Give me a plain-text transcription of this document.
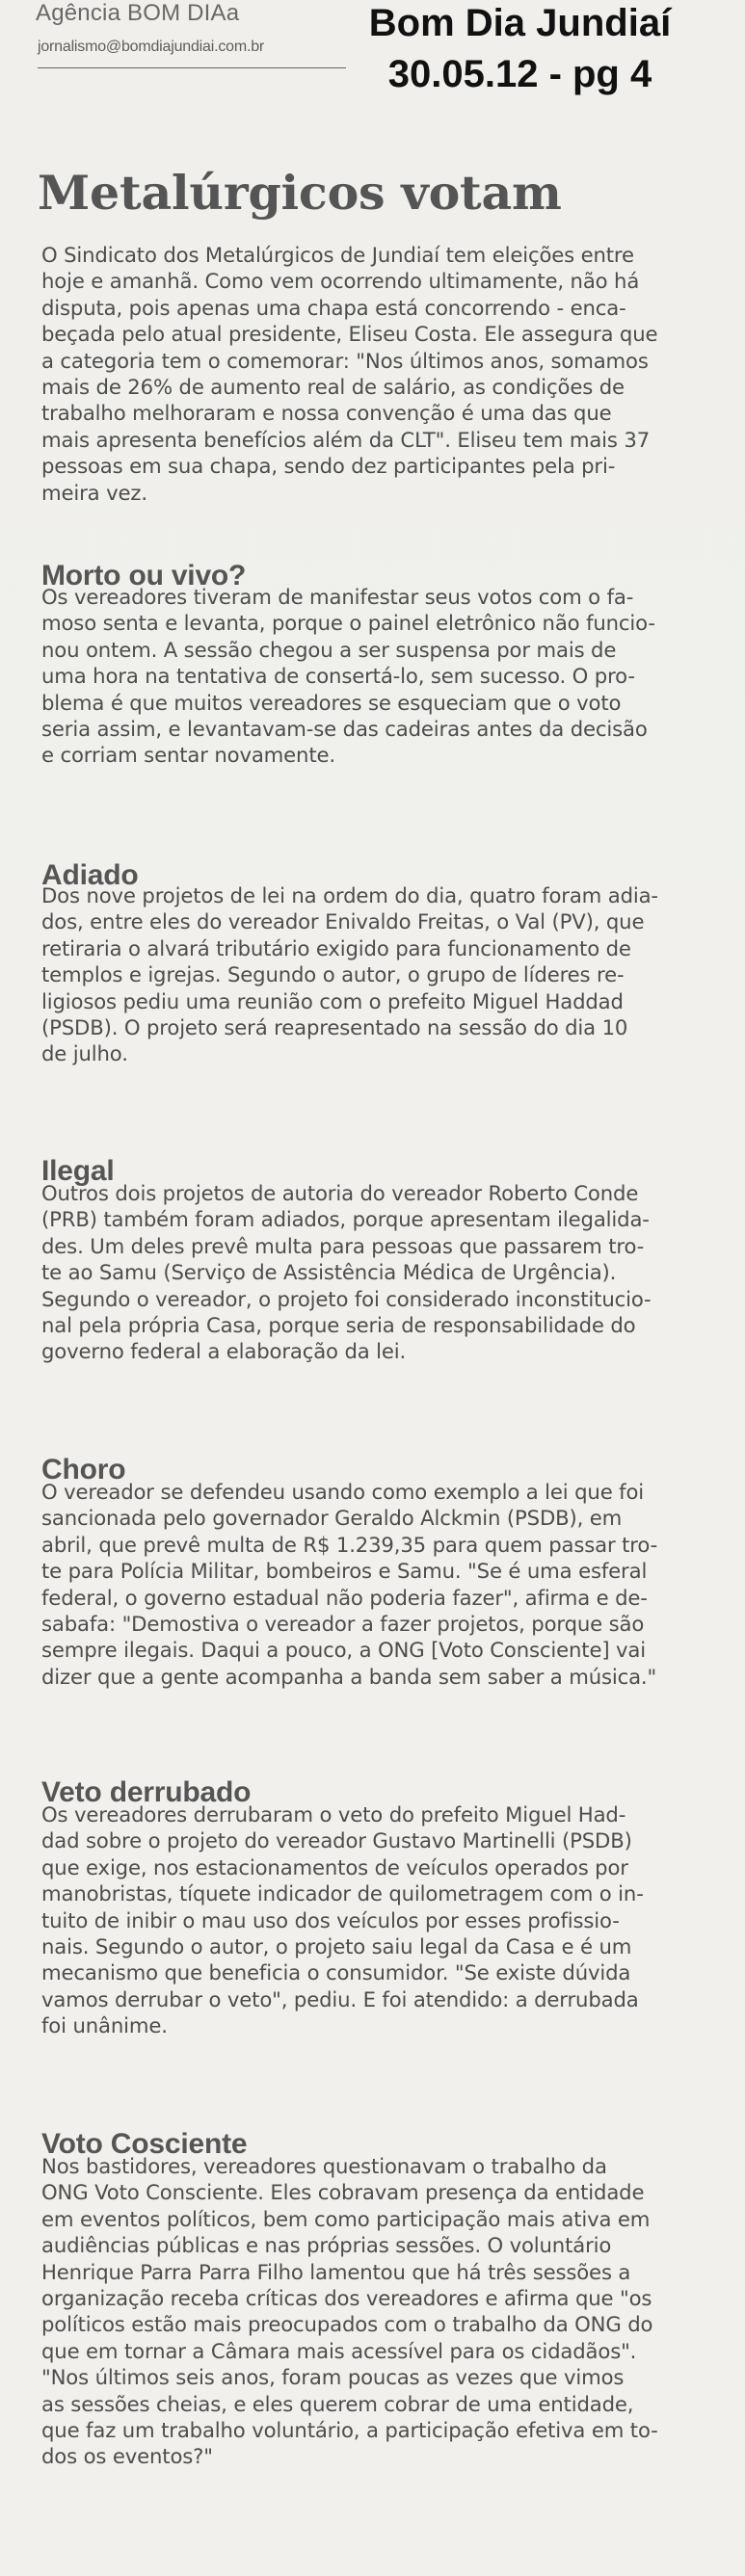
Agência BOM DIAa
jornalismo@bomdiajundiai.com.br
Bom Dia Jundiaí
30.05.12 - pg 4
Metalúrgicos votam
O Sindicato dos Metalúrgicos de Jundiaí tem eleições entre
hoje e amanhã. Como vem ocorrendo ultimamente, não há
disputa, pois apenas uma chapa está concorrendo - enca-
beçada pelo atual presidente, Eliseu Costa. Ele assegura que
a categoria tem o comemorar: "Nos últimos anos, somamos
mais de 26% de aumento real de salário, as condições de
trabalho melhoraram e nossa convenção é uma das que
mais apresenta benefícios além da CLT". Eliseu tem mais 37
pessoas em sua chapa, sendo dez participantes pela pri-
meira vez.
Morto ou vivo?
Os vereadores tiveram de manifestar seus votos com o fa-
moso senta e levanta, porque o painel eletrônico não funcio-
nou ontem. A sessão chegou a ser suspensa por mais de
uma hora na tentativa de consertá-lo, sem sucesso. O pro-
blema é que muitos vereadores se esqueciam que o voto
seria assim, e levantavam-se das cadeiras antes da decisão
e corriam sentar novamente.
Adiado
Dos nove projetos de lei na ordem do dia, quatro foram adia-
dos, entre eles do vereador Enivaldo Freitas, o Val (PV), que
retiraria o alvará tributário exigido para funcionamento de
templos e igrejas. Segundo o autor, o grupo de líderes re-
ligiosos pediu uma reunião com o prefeito Miguel Haddad
(PSDB). O projeto será reapresentado na sessão do dia 10
de julho.
Ilegal
Outros dois projetos de autoria do vereador Roberto Conde
(PRB) também foram adiados, porque apresentam ilegalida-
des. Um deles prevê multa para pessoas que passarem tro-
te ao Samu (Serviço de Assistência Médica de Urgência).
Segundo o vereador, o projeto foi considerado inconstitucio-
nal pela própria Casa, porque seria de responsabilidade do
governo federal a elaboração da lei.
Choro
O vereador se defendeu usando como exemplo a lei que foi
sancionada pelo governador Geraldo Alckmin (PSDB), em
abril, que prevê multa de R$ 1.239,35 para quem passar tro-
te para Polícia Militar, bombeiros e Samu. "Se é uma esferal
federal, o governo estadual não poderia fazer", afirma e de-
sabafa: "Demostiva o vereador a fazer projetos, porque são
sempre ilegais. Daqui a pouco, a ONG [Voto Consciente] vai
dizer que a gente acompanha a banda sem saber a música."
Veto derrubado
Os vereadores derrubaram o veto do prefeito Miguel Had-
dad sobre o projeto do vereador Gustavo Martinelli (PSDB)
que exige, nos estacionamentos de veículos operados por
manobristas, tíquete indicador de quilometragem com o in-
tuito de inibir o mau uso dos veículos por esses profissio-
nais. Segundo o autor, o projeto saiu legal da Casa e é um
mecanismo que beneficia o consumidor. "Se existe dúvida
vamos derrubar o veto", pediu. E foi atendido: a derrubada
foi unânime.
Voto Cosciente
Nos bastidores, vereadores questionavam o trabalho da
ONG Voto Consciente. Eles cobravam presença da entidade
em eventos políticos, bem como participação mais ativa em
audiências públicas e nas próprias sessões. O voluntário
Henrique Parra Parra Filho lamentou que há três sessões a
organização receba críticas dos vereadores e afirma que "os
políticos estão mais preocupados com o trabalho da ONG do
que em tornar a Câmara mais acessível para os cidadãos".
"Nos últimos seis anos, foram poucas as vezes que vimos
as sessões cheias, e eles querem cobrar de uma entidade,
que faz um trabalho voluntário, a participação efetiva em to-
dos os eventos?"
